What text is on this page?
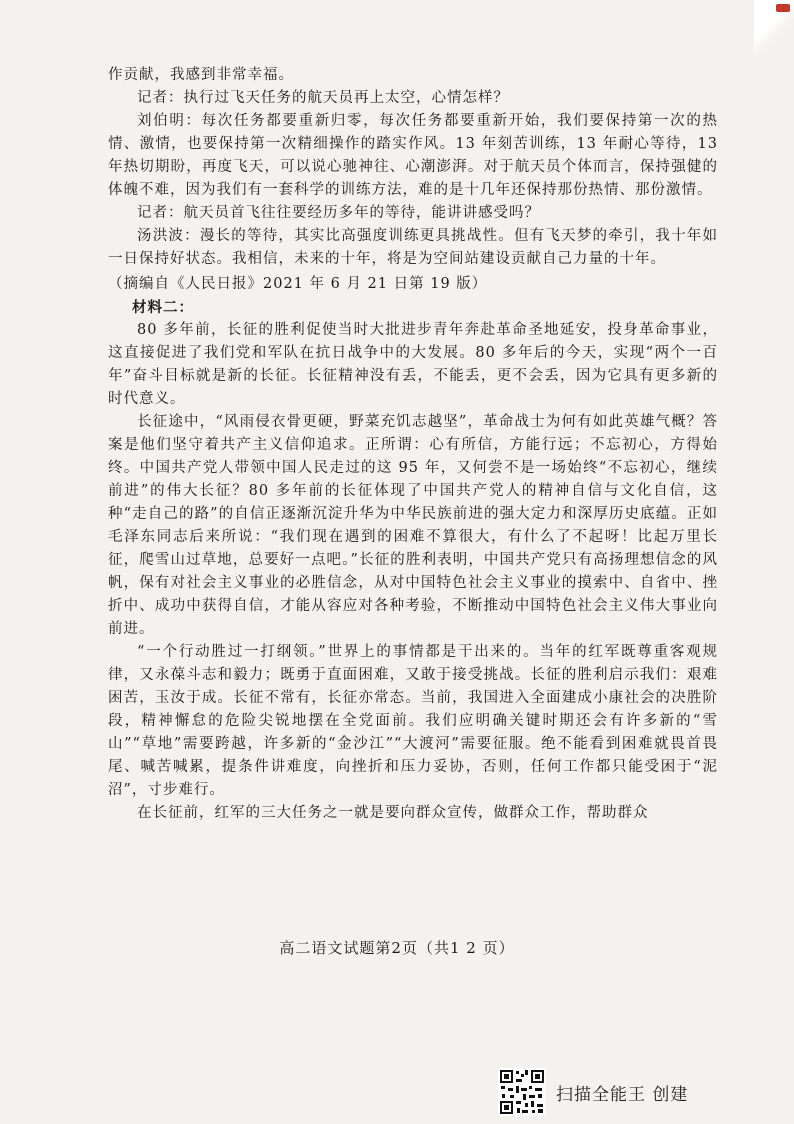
作贡献，我感到非常幸福。

记者：执行过飞天任务的航天员再上太空，心情怎样？

刘伯明：每次任务都要重新归零，每次任务都要重新开始，我们要保持第一次的热情、激情，也要保持第一次精细操作的踏实作风。13 年刻苦训练，13 年耐心等待，13 年热切期盼，再度飞天，可以说心驰神往、心潮澎湃。对于航天员个体而言，保持强健的体魄不难，因为我们有一套科学的训练方法，难的是十几年还保持那份热情、那份激情。

记者：航天员首飞往往要经历多年的等待，能讲讲感受吗？

汤洪波：漫长的等待，其实比高强度训练更具挑战性。但有飞天梦的牵引，我十年如一日保持好状态。我相信，未来的十年，将是为空间站建设贡献自己力量的十年。

（摘编自《人民日报》2021 年 6 月 21 日第 19 版）

材料二：

80 多年前，长征的胜利促使当时大批进步青年奔赴革命圣地延安，投身革命事业，这直接促进了我们党和军队在抗日战争中的大发展。80 多年后的今天，实现“两个一百年”奋斗目标就是新的长征。长征精神没有丢，不能丢，更不会丢，因为它具有更多新的时代意义。

长征途中，“风雨侵衣骨更硬，野菜充饥志越坚”，革命战士为何有如此英雄气概？答案是他们坚守着共产主义信仰追求。正所谓：心有所信，方能行远；不忘初心，方得始终。中国共产党人带领中国人民走过的这 95 年，又何尝不是一场始终“不忘初心，继续前进”的伟大长征？80 多年前的长征体现了中国共产党人的精神自信与文化自信，这种“走自己的路”的自信正逐渐沉淀升华为中华民族前进的强大定力和深厚历史底蕴。正如毛泽东同志后来所说：“我们现在遇到的困难不算很大，有什么了不起呀！比起万里长征，爬雪山过草地，总要好一点吧。”长征的胜利表明，中国共产党只有高扬理想信念的风帆，保有对社会主义事业的必胜信念，从对中国特色社会主义事业的摸索中、自省中、挫折中、成功中获得自信，才能从容应对各种考验，不断推动中国特色社会主义伟大事业向前进。

“一个行动胜过一打纲领。”世界上的事情都是干出来的。当年的红军既尊重客观规律，又永葆斗志和毅力；既勇于直面困难，又敢于接受挑战。长征的胜利启示我们：艰难困苦，玉汝于成。长征不常有，长征亦常态。当前，我国进入全面建成小康社会的决胜阶段，精神懈怠的危险尖锐地摆在全党面前。我们应明确关键时期还会有许多新的“雪山”“草地”需要跨越，许多新的“金沙江”“大渡河”需要征服。绝不能看到困难就畏首畏尾、喊苦喊累，提条件讲难度，向挫折和压力妥协，否则，任何工作都只能受困于“泥沼”，寸步难行。

在长征前，红军的三大任务之一就是要向群众宣传，做群众工作，帮助群众

高二语文试题第2页（共1 2 页）
扫描全能王 创建
